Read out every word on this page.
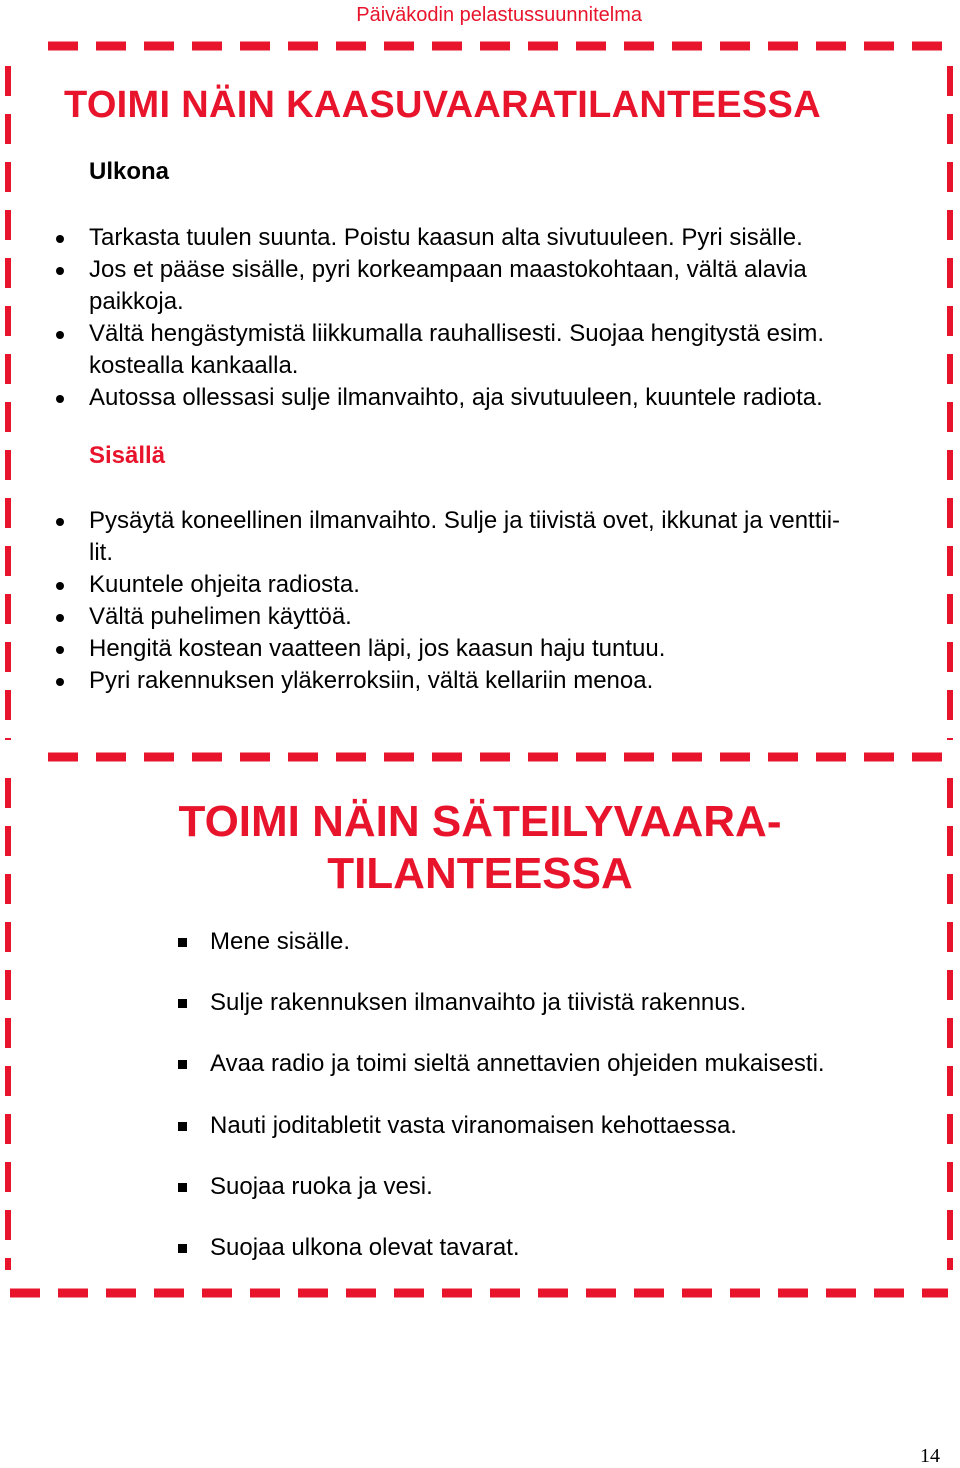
Päiväkodin pelastussuunnitelma
TOIMI NÄIN KAASUVAARATILANTEESSA
Ulkona
Tarkasta tuulen suunta. Poistu kaasun alta sivutuuleen. Pyri sisälle.
Jos et pääse sisälle, pyri korkeampaan maastokohtaan, vältä alavia
paikkoja.
Vältä hengästymistä liikkumalla rauhallisesti. Suojaa hengitystä esim.
kostealla kankaalla.
Autossa ollessasi sulje ilmanvaihto, aja sivutuuleen, kuuntele radiota.
Sisällä
Pysäytä koneellinen ilmanvaihto. Sulje ja tiivistä ovet, ikkunat ja venttii-
lit.
Kuuntele ohjeita radiosta.
Vältä puhelimen käyttöä.
Hengitä kostean vaatteen läpi, jos kaasun haju tuntuu.
Pyri rakennuksen yläkerroksiin, vältä kellariin menoa.
TOIMI NÄIN SÄTEILYVAARA-
TILANTEESSA
Mene sisälle.
Sulje rakennuksen ilmanvaihto ja tiivistä rakennus.
Avaa radio ja toimi sieltä annettavien ohjeiden mukaisesti.
Nauti joditabletit vasta viranomaisen kehottaessa.
Suojaa ruoka ja vesi.
Suojaa ulkona olevat tavarat.
14
